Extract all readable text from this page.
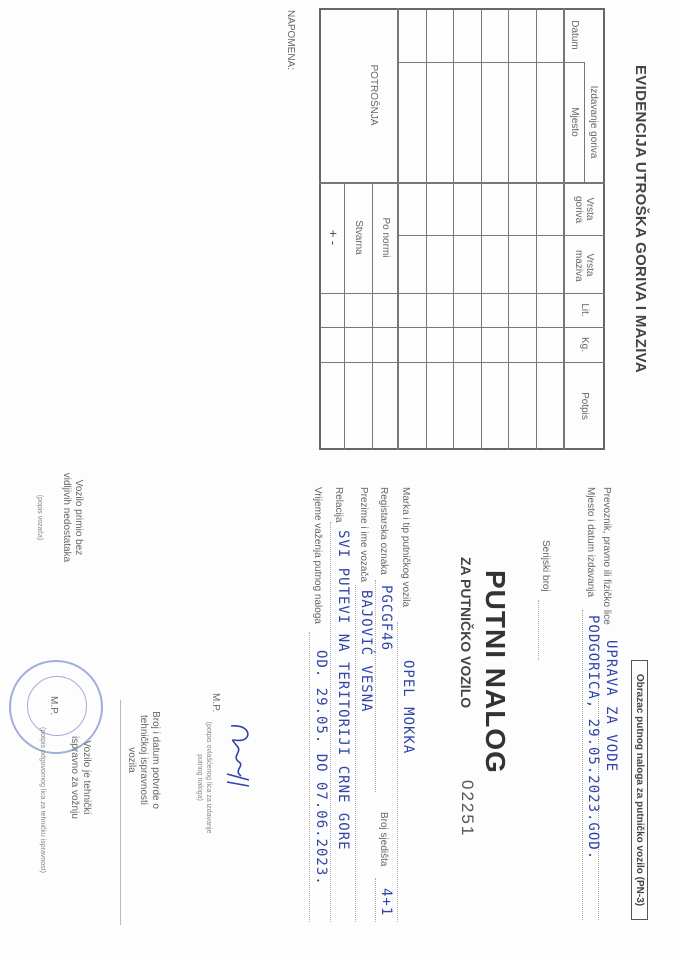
EVIDENCIJA UTROŠKA GORIVA I MAZIVA
Izdavanje goriva
Datum
Mjesto
Vrsta goriva
Vrsta maziva
Lit.
Kg.
Potpis
POTROŠNJA
Po normi
Stvarna
+ -
NAPOMENA:
Obrazac putnog naloga za putničko vozilo (PN-3)
Prevoznik, pravno ili fizičko lice
UPRAVA ZA VODE
Mjesto i datum izdavanja
PODGORICA, 29.05.2023.GOD.
Serijski broj
PUTNI NALOG
ZA PUTNIČKO VOZILO
02251
Marka i tip putničkog vozila
OPEL MOKKA
Registarska oznaka
PGCGF46
Broj sjedišta
4+1
Prezime i ime vozača
BAJOVIĆ VESNA
Relacija
SVI PUTEVI NA TERITORIJI CRNE GORE
Vrijeme važenja putnog naloga
OD. 29.05. DO 07.06.2023.
M.P.
(potpis ovlašćenog lica za izdavanje putnog naloga)
Broj i datum potvrde o tehničkoj ispravnosti vozila
Vozilo primio bez vidljivih nedostataka
(popis vozača)
M.P.
Vozilo je tehnički ispravno za vožnju
(potpis odgovornog lica za tehničku ispravnost)
